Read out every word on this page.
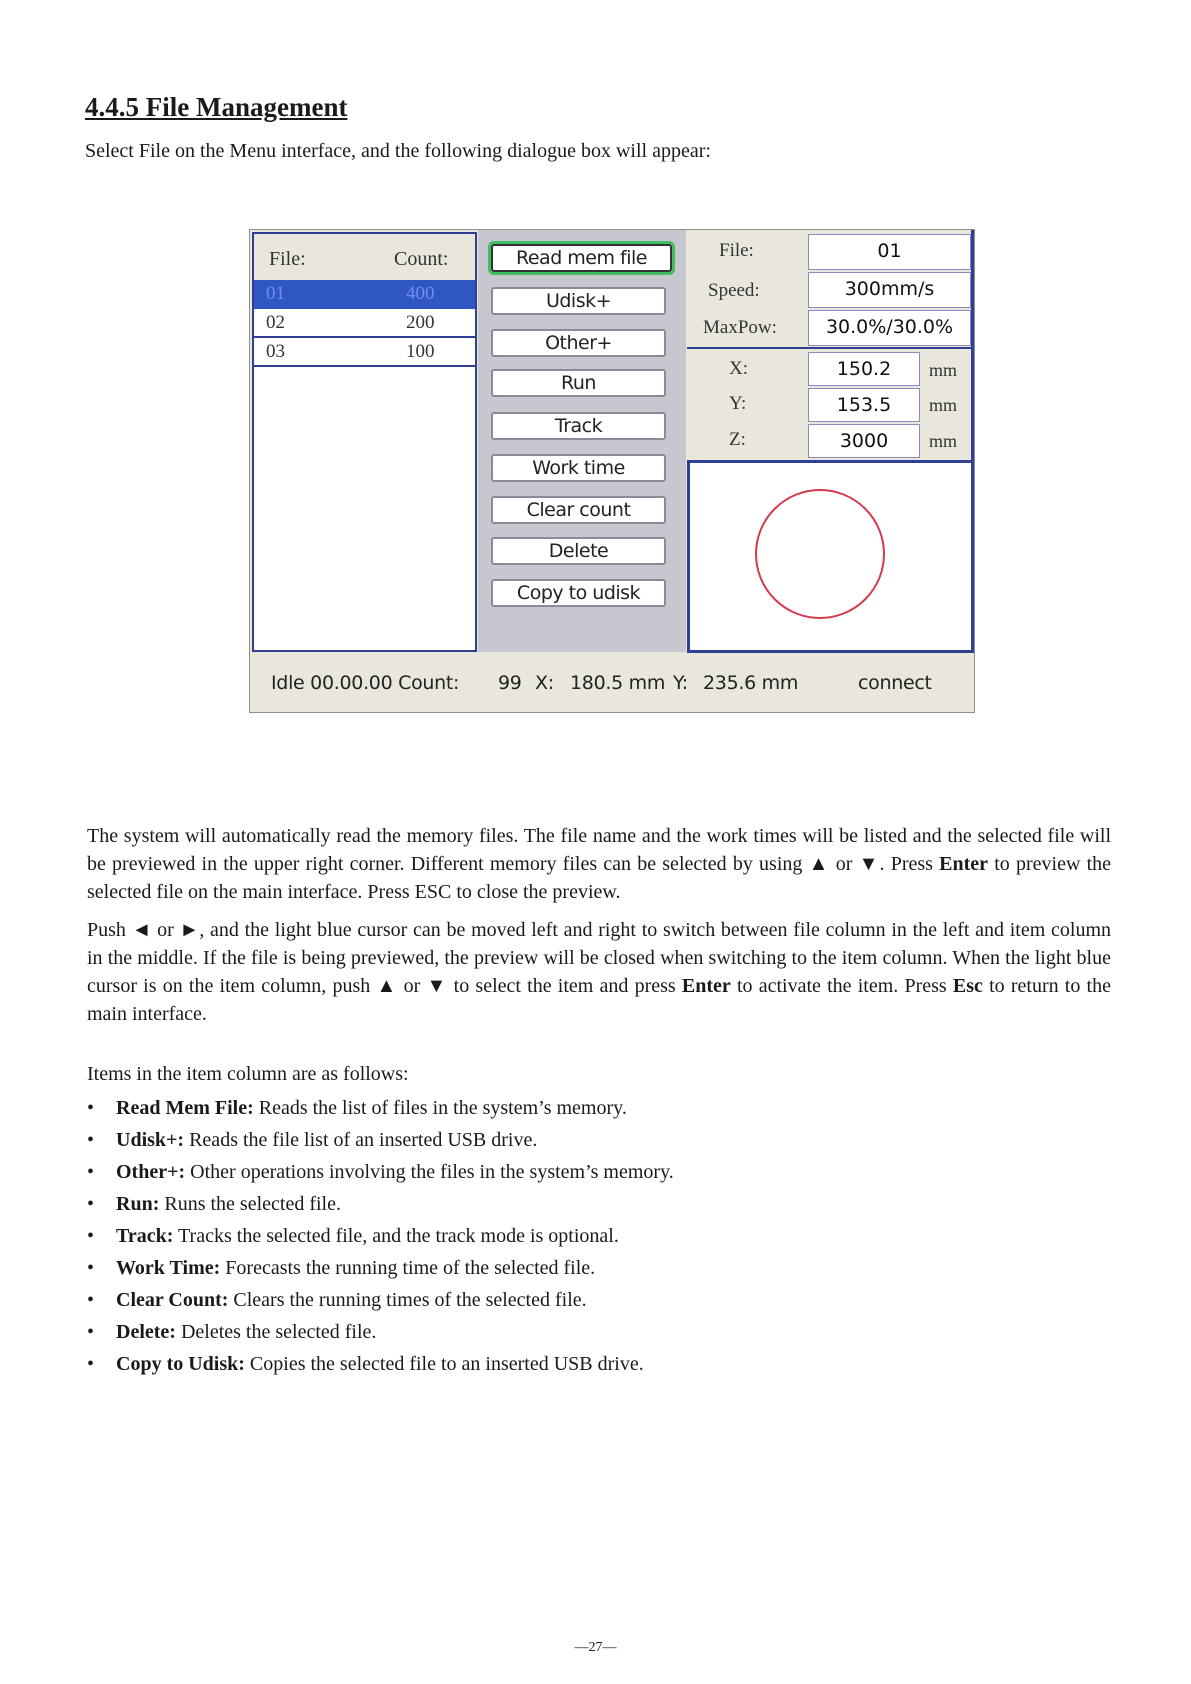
4.4.5 File Management
Select File on the Menu interface, and the following dialogue box will appear:
File:	Count:
01	400
02	200
03	100
Read mem file
Udisk+
Other+
Run
Track
Work time
Clear count
Delete
Copy to udisk
File:	01
Speed:	300mm/s
MaxPow:	30.0%/30.0%
X:	150.2	mm
Y:	153.5	mm
Z:	3000	mm
Idle 00.00.00 Count: 99 X: 180.5 mm Y: 235.6 mm	connect

The system will automatically read the memory files. The file name and the work times will be listed and the selected file will be previewed in the upper right corner. Different memory files can be selected by using ▲ or ▼. Press Enter to preview the selected file on the main interface. Press ESC to close the preview.

Push ◄ or ►, and the light blue cursor can be moved left and right to switch between file column in the left and item column in the middle. If the file is being previewed, the preview will be closed when switching to the item column. When the light blue cursor is on the item column, push ▲ or ▼ to select the item and press Enter to activate the item. Press Esc to return to the main interface.

Items in the item column are as follows:
• Read Mem File: Reads the list of files in the system’s memory.
• Udisk+: Reads the file list of an inserted USB drive.
• Other+: Other operations involving the files in the system’s memory.
• Run: Runs the selected file.
• Track: Tracks the selected file, and the track mode is optional.
• Work Time: Forecasts the running time of the selected file.
• Clear Count: Clears the running times of the selected file.
• Delete: Deletes the selected file.
• Copy to Udisk: Copies the selected file to an inserted USB drive.
—27—
